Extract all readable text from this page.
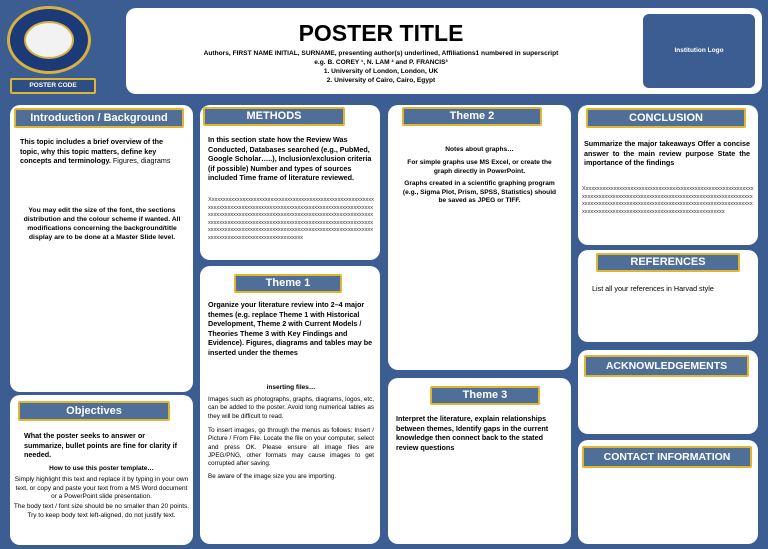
POSTER CODE
POSTER TITLE
Authors, FIRST NAME INITIAL, SURNAME, presenting author(s) underlined, Affiliations1 numbered in superscript
e.g. B. COREY ¹, N. LAM ² and P. FRANCIS³
1. University of London, London, UK
2. University of Cairo, Cairo, Egypt
Institution Logo
This topic includes a brief overview of the topic, why this topic matters, define key concepts and terminology. Figures, diagrams
You may edit the size of the font, the sections distribution and the colour scheme if wanted. All modifications concerning the background/title display are to be done at a Master Slide level.
Introduction / Background
What the poster seeks to answer or summarize, bullet points are fine for clarity if needed.
How to use this poster template…
Simply highlight this text and replace it by typing in your own text, or copy and paste your text from a MS Word document or a PowerPoint slide presentation.
The body text / font size should be no smaller than 20 points. Try to keep body text left-aligned, do not justify text.
Objectives
In this section state how the Review Was Conducted, Databases searched (e.g., PubMed, Google Scholar…..), Inclusion/exclusion criteria (if possible) Number and types of sources included Time frame of literature reviewed.
Xxxxxxxxxxxxxxxxxxxxxxxxxxxxxxxxxxxxxxxxxxxxxxxxxxxxxxxxxxxxxxxxxxxxxxxxxxxxxxxxxxxxxxxxxxxxxxxxxxxxxxxxxxxxxxxxxxxxxxxxxxxxxxxxxxxxxxxxxxxxxxxxxxxxxxxxxxxxxxxxxxxxxxxxxxxxxxxxxxxxxxxxxxxxxxxxxxxxxxxxxxxxxxxxxxxxxxxxxxxxxxxxxxxxxxxxxxxxxxxxxxxxxxxxxxxxxxxxxxxxxxxxxxxxxxxxxxxxxxxxxxxxxxxxxxxxxxxxxxxxxxxxxxxxxxxxxxxxxxxxxxxxxxxxx
METHODS
Organize your literature review into 2–4 major themes (e.g. replace Theme 1 with Historical Development, Theme 2 with Current Models / Theories Theme 3 with Key Findings and Evidence). Figures, diagrams and tables may be inserted under the themes
inserting files…
Images such as photographs, graphs, diagrams, logos, etc, can be added to the poster. Avoid long numerical tables as they will be difficult to read.
To insert images, go through the menus as follows: Insert / Picture / From File. Locate the file on your computer, select and press OK. Please ensure all image files are JPEG/PNG, other formats may cause images to get corrupted after saving.
Be aware of the image size you are importing.
Theme 1
Notes about graphs…
For simple graphs use MS Excel, or create the graph directly in PowerPoint.
Graphs created in a scientific graphing program (e.g., Sigma Plot, Prism, SPSS, Statistics) should be saved as JPEG or TIFF.
Theme 2
Interpret the literature, explain relationships between themes, Identify gaps in the current knowledge then connect back to the stated review questions
Theme 3
Summarize the major takeaways Offer a concise answer to the main review purpose State the importance of the findings
Xxxxxxxxxxxxxxxxxxxxxxxxxxxxxxxxxxxxxxxxxxxxxxxxxxxxxxxxxxxxxxxxxxxxxxxxxxxxxxxxxxxxxxxxxxxxxxxxxxxxxxxxxxxxxxxxxxxxxxxxxxxxxxxxxxxxxxxxxxxxxxxxxxxxxxxxxxxxxxxxxxxxxxxxxxxxxxxxxxxxxxxxxxxxxxxxxxxxxxxxxxxxxxxxxxxxxxxxxxxxxxxxxxxxxxxxxx
CONCLUSION
List all your references in Harvad style
REFERENCES
ACKNOWLEDGEMENTS
CONTACT INFORMATION
